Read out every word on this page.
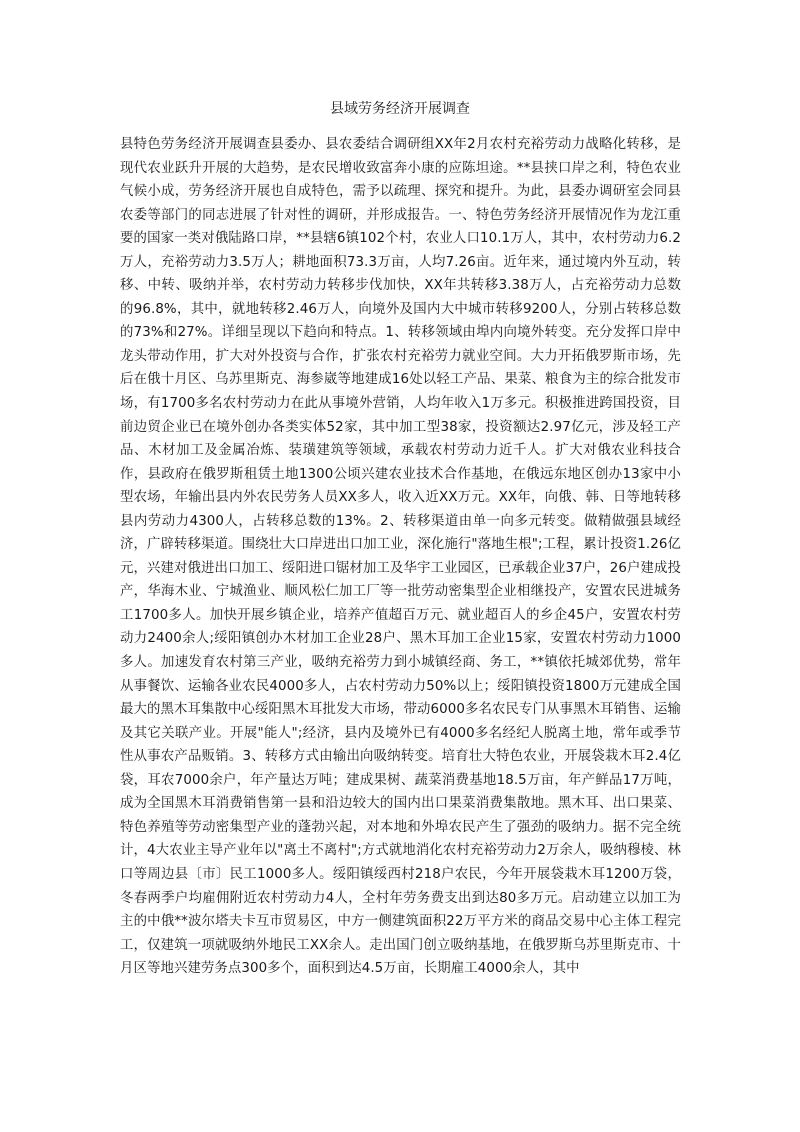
县域劳务经济开展调查

县特色劳务经济开展调查县委办、县农委结合调研组XX年2月农村充裕劳动力战略化转移，是现代农业跃升开展的大趋势，是农民增收致富奔小康的应陈坦途。**县挟口岸之利，特色农业气候小成，劳务经济开展也自成特色，需予以疏理、探究和提升。为此，县委办调研室会同县农委等部门的同志进展了针对性的调研，并形成报告。一、特色劳务经济开展情况作为龙江重要的国家一类对俄陆路口岸，**县辖6镇102个村，农业人口10.1万人，其中，农村劳动力6.2万人，充裕劳动力3.5万人；耕地面积73.3万亩，人均7.26亩。近年来，通过境内外互动，转移、中转、吸纳并举，农村劳动力转移步伐加快，XX年共转移3.38万人，占充裕劳动力总数的96.8%，其中，就地转移2.46万人，向境外及国内大中城市转移9200人，分别占转移总数的73%和27%。详细呈现以下趋向和特点。1、转移领域由埠内向境外转变。充分发挥口岸中龙头带动作用，扩大对外投资与合作，扩张农村充裕劳力就业空间。大力开拓俄罗斯市场，先后在俄十月区、乌苏里斯克、海参崴等地建成16处以轻工产品、果菜、粮食为主的综合批发市场，有1700多名农村劳动力在此从事境外营销，人均年收入1万多元。积极推进跨国投资，目前边贸企业已在境外创办各类实体52家，其中加工型38家，投资额达2.97亿元，涉及轻工产品、木材加工及金属冶炼、装璜建筑等领域，承载农村劳动力近千人。扩大对俄农业科技合作，县政府在俄罗斯租赁土地1300公顷兴建农业技术合作基地，在俄远东地区创办13家中小型农场，年输出县内外农民劳务人员XX多人，收入近XX万元。XX年，向俄、韩、日等地转移县内劳动力4300人，占转移总数的13%。2、转移渠道由单一向多元转变。做精做强县域经济，广辟转移渠道。围绕壮大口岸进出口加工业，深化施行"落地生根";工程，累计投资1.26亿元，兴建对俄进出口加工、绥阳进口锯材加工及华宇工业园区，已承载企业37户，26户建成投产，华海木业、宁城渔业、顺风松仁加工厂等一批劳动密集型企业相继投产，安置农民进城务工1700多人。加快开展乡镇企业，培养产值超百万元、就业超百人的乡企45户，安置农村劳动力2400余人;绥阳镇创办木材加工企业28户、黑木耳加工企业15家，安置农村劳动力1000多人。加速发育农村第三产业，吸纳充裕劳力到小城镇经商、务工，**镇依托城郊优势，常年从事餐饮、运输各业农民4000多人，占农村劳动力50%以上；绥阳镇投资1800万元建成全国最大的黑木耳集散中心绥阳黑木耳批发大市场，带动6000多名农民专门从事黑木耳销售、运输及其它关联产业。开展"能人";经济，县内及境外已有4000多名经纪人脱离土地，常年或季节性从事农产品贩销。3、转移方式由输出向吸纳转变。培育壮大特色农业，开展袋栽木耳2.4亿袋，耳农7000余户，年产量达万吨；建成果树、蔬菜消费基地18.5万亩，年产鲜品17万吨，成为全国黑木耳消费销售第一县和沿边较大的国内出口果菜消费集散地。黑木耳、出口果菜、特色养殖等劳动密集型产业的蓬勃兴起，对本地和外埠农民产生了强劲的吸纳力。据不完全统计，4大农业主导产业年以"离土不离村";方式就地消化农村充裕劳动力2万余人，吸纳穆棱、林口等周边县〔市〕民工1000多人。绥阳镇绥西村218户农民，今年开展袋栽木耳1200万袋，冬春两季户均雇佣附近农村劳动力4人，全村年劳务费支出到达80多万元。启动建立以加工为主的中俄**波尔塔夫卡互市贸易区，中方一侧建筑面积22万平方米的商品交易中心主体工程完工，仅建筑一项就吸纳外地民工XX余人。走出国门创立吸纳基地，在俄罗斯乌苏里斯克市、十月区等地兴建劳务点300多个，面积到达4.5万亩，长期雇工4000余人，其中
